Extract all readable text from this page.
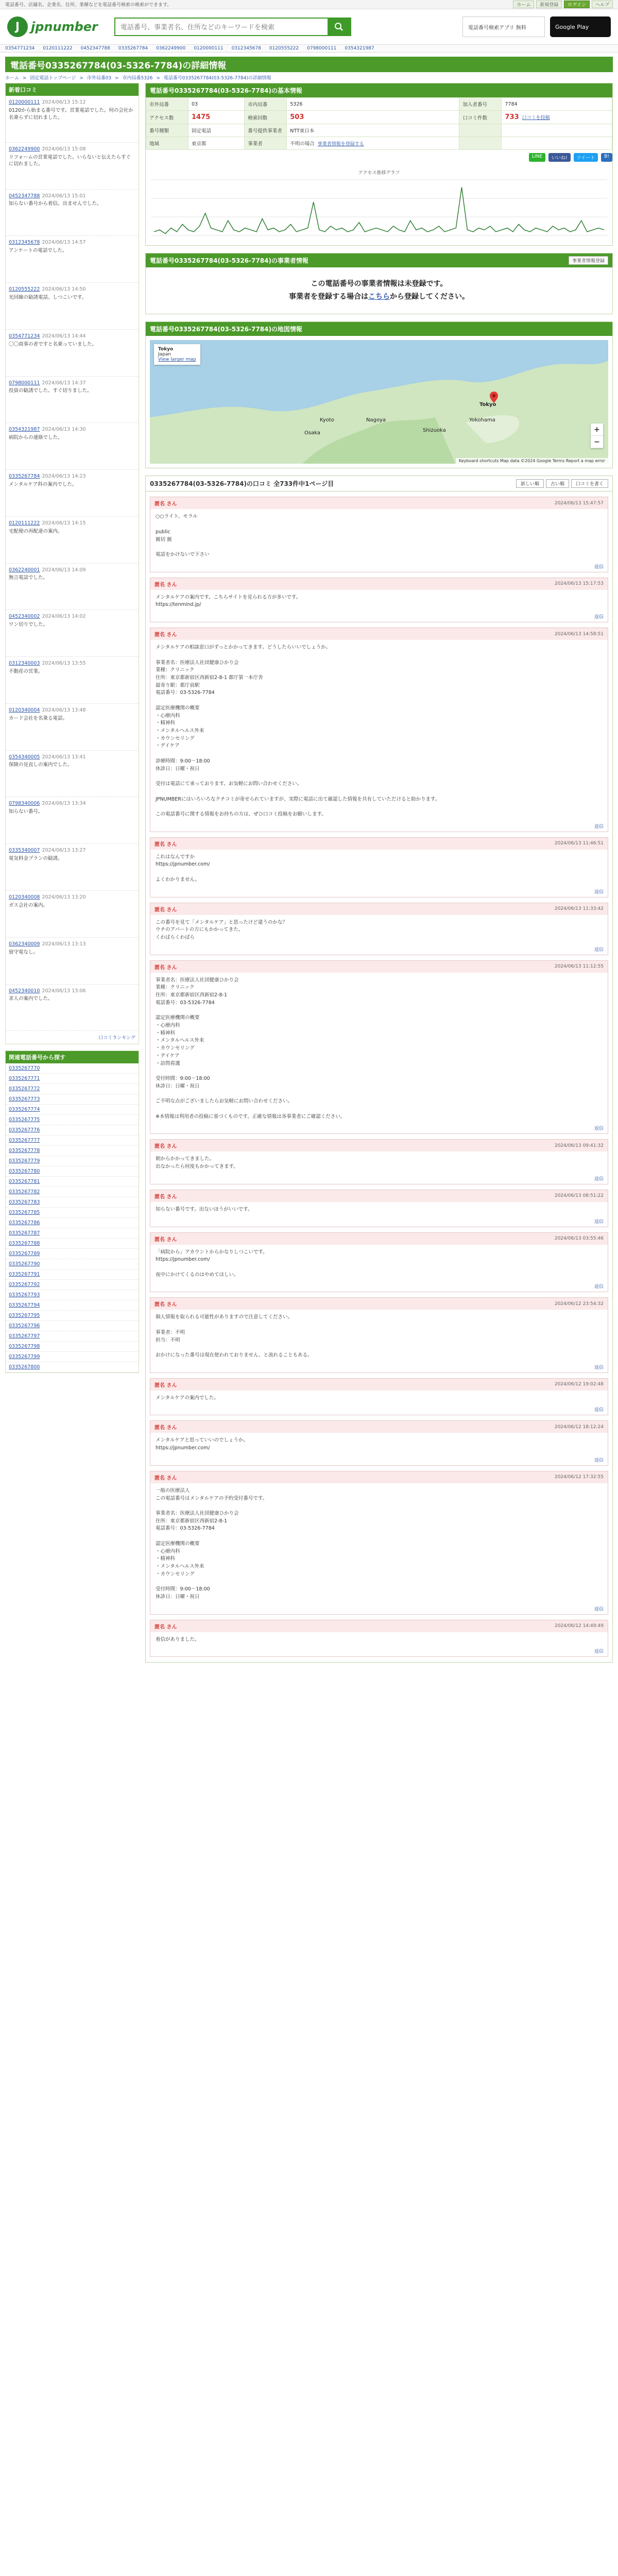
電話番号、店舗名、企業名、住所、業種などを電話番号検索の検索ができます。	ホーム	新規登録	ログイン	ヘルプ
J jpnumber
電話番号、事業者名、住所などのキーワードを検索	電話番号検索アプリ 無料	Google Play
0354771234 0120111222 0452347788 0335267784 0362249900 0120000111 0312345678 0120555222 0798000111 0354321987
電話番号0335267784(03-5326-7784)の詳細情報
ホーム > 固定電話トップページ > 市外局番03 > 市内局番5326 > 電話番号0335267784(03-5326-7784)の詳細情報
新着口コミ
0120000111 2024/06/13 15:12
0120から始まる番号です。営業電話でした。何の会社か名乗らずに切れました。
0362249900 2024/06/13 15:08
リフォームの営業電話でした。いらないと伝えたらすぐに切れました。
0452347788 2024/06/13 15:01
知らない番号から着信。出ませんでした。
0312345678 2024/06/13 14:57
アンケートの電話でした。
0120555222 2024/06/13 14:50
光回線の勧誘電話。しつこいです。
0354771234 2024/06/13 14:44
〇〇商事の者ですと名乗っていました。
0798000111 2024/06/13 14:37
投資の勧誘でした。すぐ切りました。
0354321987 2024/06/13 14:30
病院からの連絡でした。
0335267784 2024/06/13 14:23
メンタルケア科の案内でした。
0120111222 2024/06/13 14:15
宅配便の再配達の案内。
0362240001 2024/06/13 14:09
無言電話でした。
0452340002 2024/06/13 14:02
ワン切りでした。
0312340003 2024/06/13 13:55
不動産の営業。
0120340004 2024/06/13 13:48
カード会社を名乗る電話。
0354340005 2024/06/13 13:41
保険の見直しの案内でした。
0798340006 2024/06/13 13:34
知らない番号。
0335340007 2024/06/13 13:27
電気料金プランの勧誘。
0120340008 2024/06/13 13:20
ガス会社の案内。
0362340009 2024/06/13 13:13
留守電なし。
0452340010 2024/06/13 13:06
求人の案内でした。
口コミランキング
関連電話番号から探す
0335267770
0335267771
0335267772
0335267773
0335267774
0335267775
0335267776
0335267777
0335267778
0335267779
0335267780
0335267781
0335267782
0335267783
0335267785
0335267786
0335267787
0335267788
0335267789
0335267790
0335267791
0335267792
0335267793
0335267794
0335267795
0335267796
0335267797
0335267798
0335267799
0335267800
電話番号0335267784(03-5326-7784)の基本情報
市外局番	03	市内局番	5326	加入者番号	7784
アクセス数	1475	検索回数	503	口コミ件数	733 口コミを投稿
番号種類	固定電話	番号提供事業者	NTT東日本		
地域	東京都	事業者	不明の場合 事業者情報を登録する		
LINE	いいね!	ツイート	B!
アクセス推移グラフ
電話番号0335267784(03-5326-7784)の事業者情報	事業者情報登録
この電話番号の事業者情報は未登録です。
事業者を登録する場合はこちらから登録してください。
電話番号0335267784(03-5326-7784)の地図情報
Tokyo
Japan
View larger map
Tokyo
Nagoya
Osaka
Kyoto	Yokohama
Shizuoka	+
−
Keyboard shortcuts Map data ©2024 Google Terms Report a map error
0335267784(03-5326-7784)の口コミ 全733件中1ページ目	新しい順	古い順	口コミを書く
匿名 さん	2024/06/13 15:47:57
○○ライト、モラル

public
親切 親

電話をかけないで下さい
返信
匿名 さん	2024/06/13 15:17:53
メンタルケアの案内です。こちらサイトを見られる方が多いです。
https://tenmind.jp/
返信
匿名 さん	2024/06/13 14:58:51
メンタルケアの相談窓口がずっとかかってきます。どうしたらいいでしょうか。

事業者名：医療法人社団健康ひかり会
業種：クリニック
住所：東京都新宿区西新宿2-8-1 都庁第一本庁舎
最寄り駅：都庁前駅
電話番号：03-5326-7784

認定医療機関の概要
・心療内科
・精神科
・メンタルヘルス外来
・カウンセリング
・デイケア

診療時間：9:00〜18:00
休診日：日曜・祝日

受付は電話にて承っております。お気軽にお問い合わせください。

JPNUMBERにはいろいろなクチコミが寄せられていますが、実際に電話に出て確認した情報を共有していただけると助かります。

この電話番号に関する情報をお持ちの方は、ぜひ口コミ投稿をお願いします。
返信
匿名 さん	2024/06/13 11:46:51
これはなんですか
https://jpnumber.com/

よくわかりません。
返信
匿名 さん	2024/06/13 11:33:42
この番号を見て「メンタルケア」と思ったけど違うのかな？
ウチのアパートの方にもかかってきた。
くわばらくわばら
返信
匿名 さん	2024/06/13 11:12:55
事業者名：医療法人社団健康ひかり会
業種：クリニック
住所：東京都新宿区西新宿2-8-1
電話番号：03-5326-7784

認定医療機関の概要
・心療内科
・精神科
・メンタルヘルス外来
・カウンセリング
・デイケア
・訪問看護

受付時間：9:00〜18:00
休診日：日曜・祝日

ご不明な点がございましたらお気軽にお問い合わせください。

※本情報は利用者の投稿に基づくものです。正確な情報は各事業者にご確認ください。
返信
匿名 さん	2024/06/13 09:41:32
朝からかかってきました。
出なかったら何度もかかってきます。
返信
匿名 さん	2024/06/13 08:51:22
知らない番号です。出ないほうがいいです。
返信
匿名 さん	2024/06/13 03:55:46
「病院から」アカウントからかなりしつこいです。
https://jpnumber.com/

夜中にかけてくるのはやめてほしい。
返信
匿名 さん	2024/06/12 23:54:32
個人情報を取られる可能性がありますので注意してください。

事業者：不明
担当：不明

おかけになった番号は現在使われておりません、と流れることもある。
返信
匿名 さん	2024/06/12 19:02:48
メンタルケアの案内でした。
返信
匿名 さん	2024/06/12 18:12:24
メンタルケアと思っていいのでしょうか。
https://jpnumber.com/
返信
匿名 さん	2024/06/12 17:32:55
一般の医療法人
この電話番号はメンタルケアの予約受付番号です。

事業者名：医療法人社団健康ひかり会
住所：東京都新宿区西新宿2-8-1
電話番号：03-5326-7784

認定医療機関の概要
・心療内科
・精神科
・メンタルヘルス外来
・カウンセリング

受付時間：9:00〜18:00
休診日：日曜・祝日
返信
匿名 さん	2024/06/12 14:49:49
着信がありました。
返信
